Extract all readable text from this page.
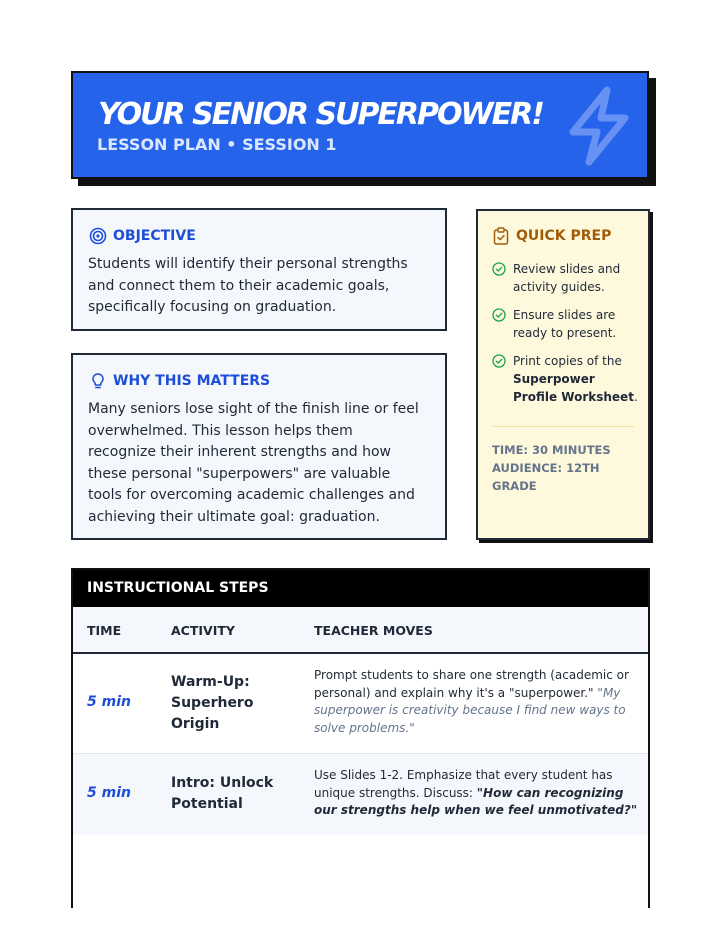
YOUR SENIOR SUPERPOWER!
LESSON PLAN • SESSION 1
OBJECTIVE
Students will identify their personal strengths and connect them to their academic goals, specifically focusing on graduation.
WHY THIS MATTERS
Many seniors lose sight of the finish line or feel overwhelmed. This lesson helps them recognize their inherent strengths and how these personal "superpowers" are valuable tools for overcoming academic challenges and achieving their ultimate goal: graduation.
QUICK PREP
Review slides and activity guides.
Ensure slides are ready to present.
Print copies of the Superpower Profile Worksheet.
TIME: 30 MINUTES
AUDIENCE: 12TH GRADE
INSTRUCTIONAL STEPS
TIME	ACTIVITY	TEACHER MOVES
5 min
Warm-Up: Superhero Origin
Prompt students to share one strength (academic or personal) and explain why it's a "superpower." "My superpower is creativity because I find new ways to solve problems."
5 min
Intro: Unlock Potential
Use Slides 1-2. Emphasize that every student has unique strengths. Discuss: "How can recognizing our strengths help when we feel unmotivated?"
